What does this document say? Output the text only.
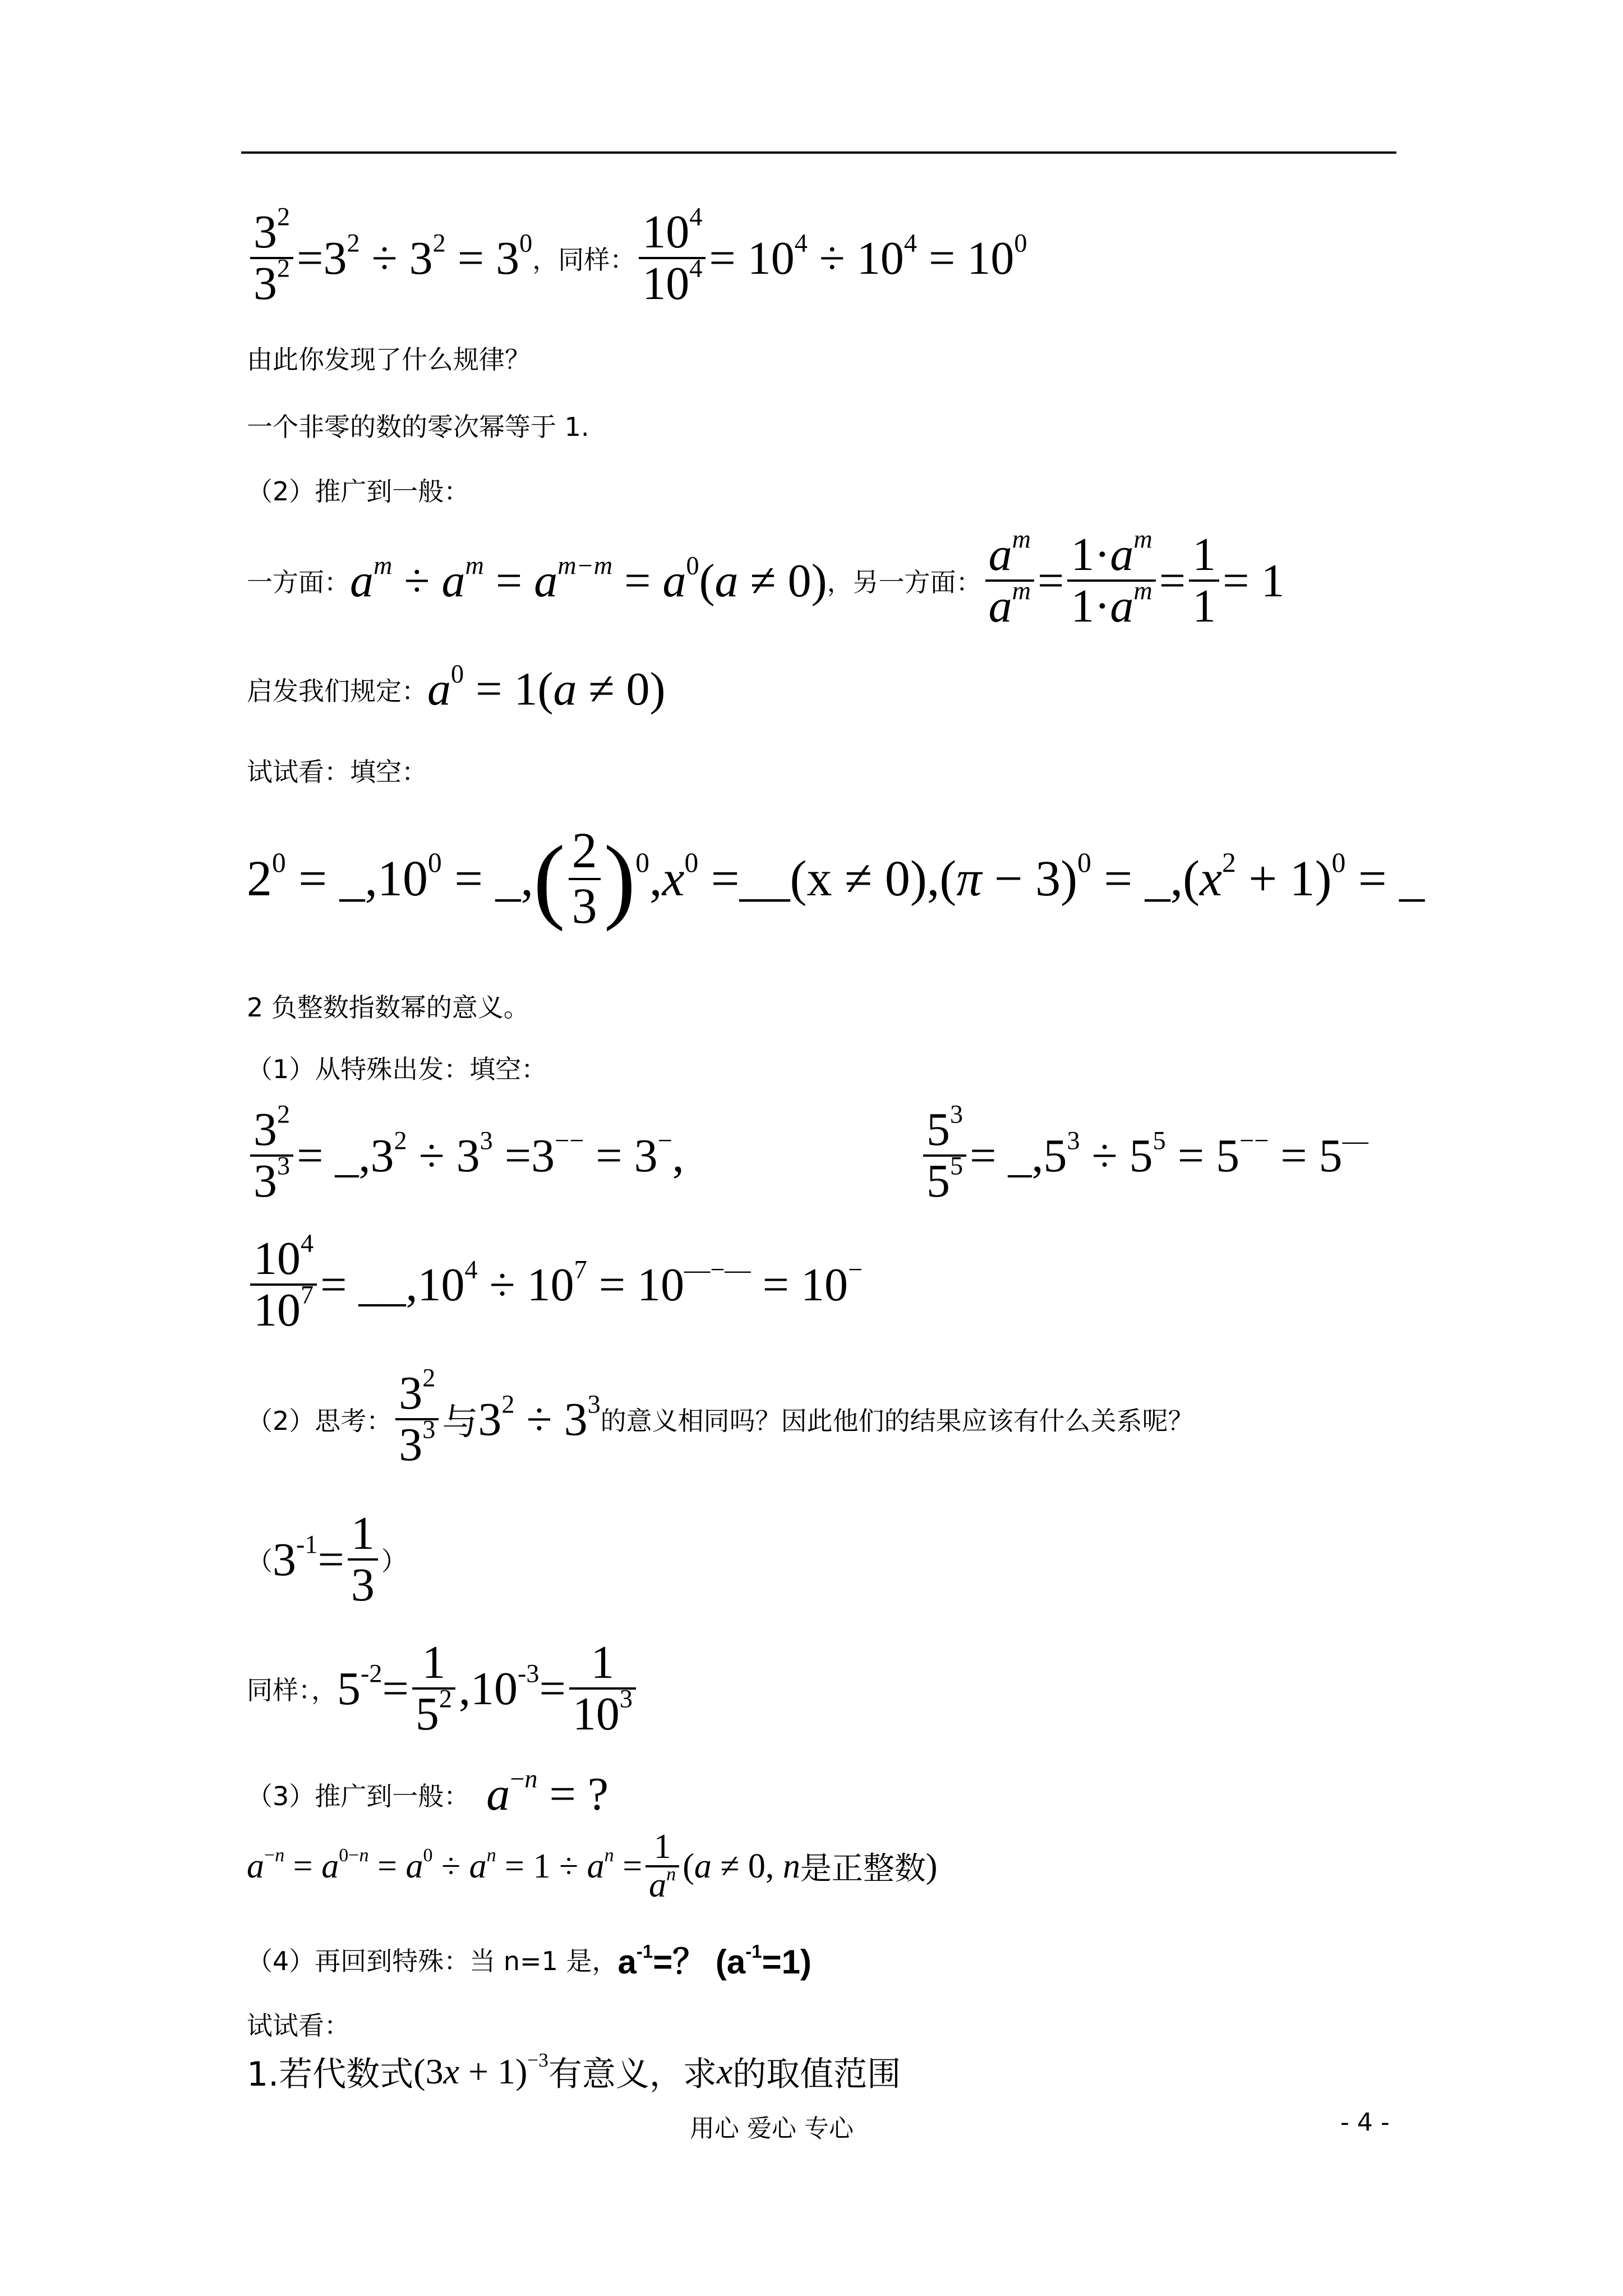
$\frac{3^2}{3^2} =3^2 \div 3^2 = 3^0$
，同样： $\frac{10^4}{10^4} = 10^4 \div 10^4 = 10^0$
由此你发现了什么规律？
一个非零的数的零次幂等于 1.
（2）推广到一般：
一方面： $a^m \div a^m = a^{m-m} = a^0(a \ne 0)$ ，另一方面： $\frac{a^m}{a^m} = \frac{1\cdot a^m}{1\cdot a^m} = \frac{1}{1} = 1$
启发我们规定： $a^0 = 1(a \ne 0)$
试试看：填空：
$2^0$ = $\_,10^0$ = _, ( $\frac{2}{3}$ ) $^0,x^0$ =__(x ≠ $0),(\pi - 3)^0$ = $\_,(x^2 + 1)^0$ = _
2 负整数指数幂的意义。
（1）从特殊出发：填空：
$\frac{3^2}{3^3}$ = $\_,3^2 \div 3^3 =3^{--} = 3^-$,	$\frac{5^3}{5^5}$ = $\_,5^3 \div 5^5 = 5^{--} = 5^—$
$\frac{10^4}{10^7}$ = $\_\_,10^4 \div 10^7 = 10^{—-—} = 10^-$
（2）思考： $\frac{3^2}{3^3}$ 与 $3^2 \div 3^3$
的意义相同吗？因此他们的结果应该有什么关系呢？
（ $3^{-1}= \frac{1}{3}$ ）
同样：， $5^{-2}= \frac{1}{5^2} ,10^{-3}= \frac{1}{10^3}$
（3）推广到一般： $a^{-n}$ = ?
$a^{-n} = a^{0-n} = a^0 \div a^n = 1 \div a^n = \frac{1}{a^n} (a \ne 0$, n 是正整数 )
（4）再回到特殊：当 n=1 是， $a^{-1}=$？ $(a^{-1}=1)$
试试看：
1.若代数式 $(3x + 1)^{-3}$ 有意义，求 x 的取值范围
用心 爱心 专心	- 4 -
